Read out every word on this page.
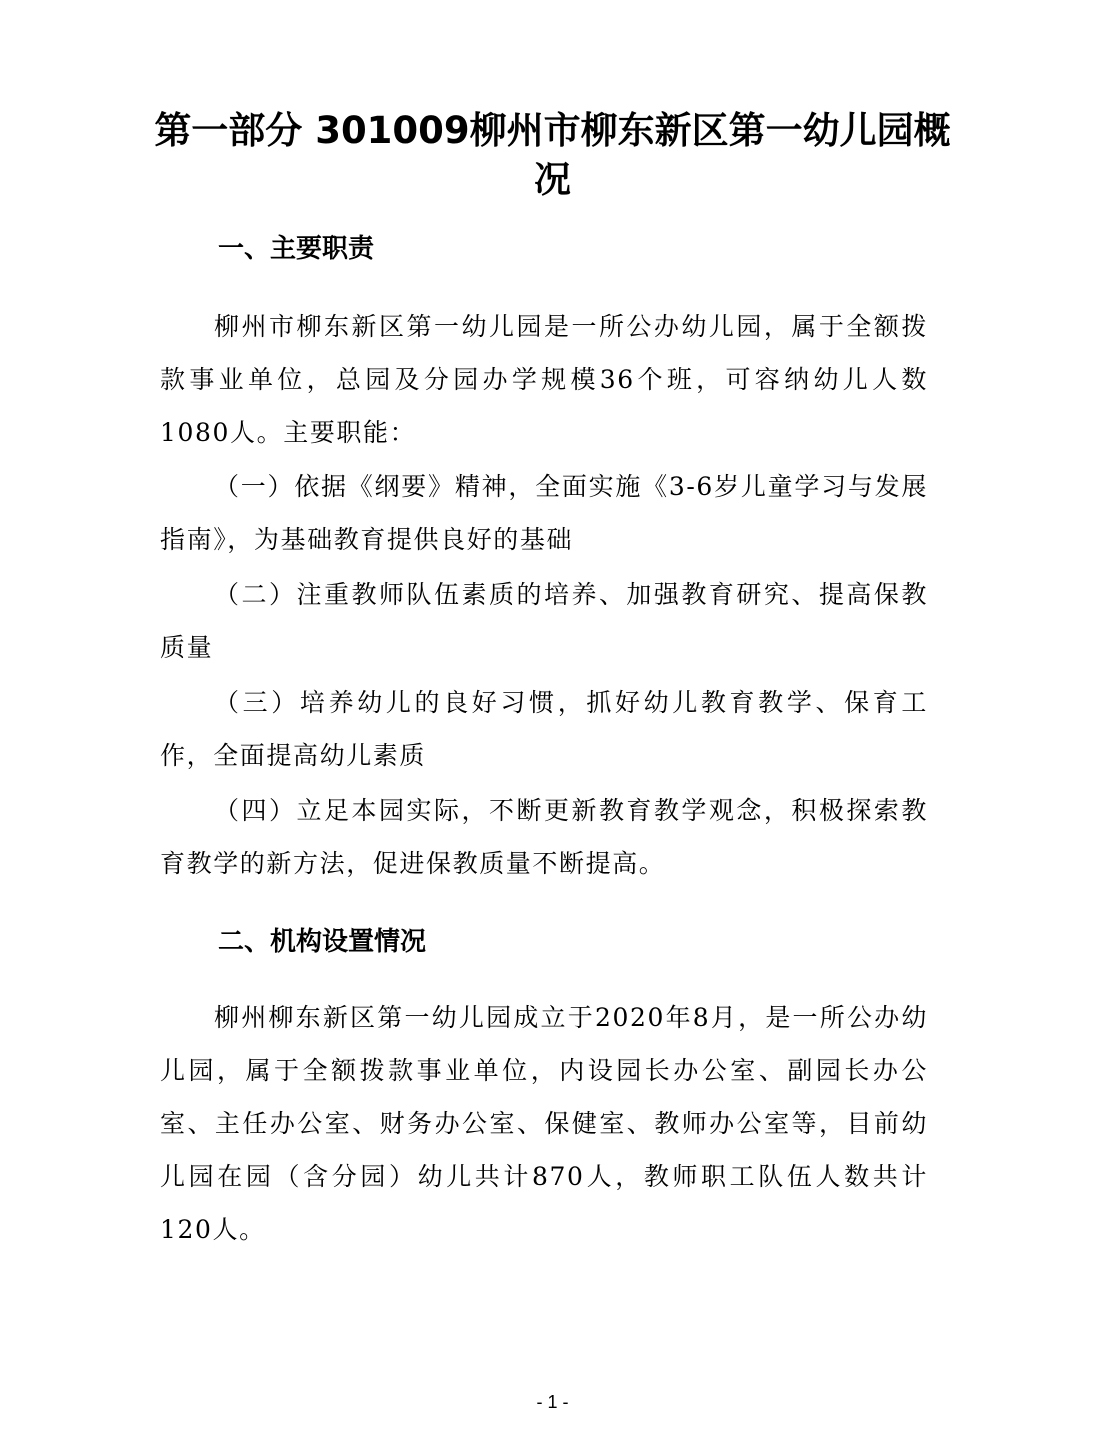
第一部分 301009柳州市柳东新区第一幼儿园概况
一、主要职责

柳州市柳东新区第一幼儿园是一所公办幼儿园，属于全额拨款事业单位，总园及分园办学规模36个班，可容纳幼儿人数1080人。主要职能：

（一）依据《纲要》精神，全面实施《3-6岁儿童学习与发展指南》，为基础教育提供良好的基础

（二）注重教师队伍素质的培养、加强教育研究、提高保教质量

（三）培养幼儿的良好习惯，抓好幼儿教育教学、保育工作，全面提高幼儿素质

（四）立足本园实际，不断更新教育教学观念，积极探索教育教学的新方法，促进保教质量不断提高。

二、机构设置情况

柳州柳东新区第一幼儿园成立于2020年8月，是一所公办幼儿园，属于全额拨款事业单位，内设园长办公室、副园长办公室、主任办公室、财务办公室、保健室、教师办公室等，目前幼儿园在园（含分园）幼儿共计870人，教师职工队伍人数共计120人。

- 1 -
